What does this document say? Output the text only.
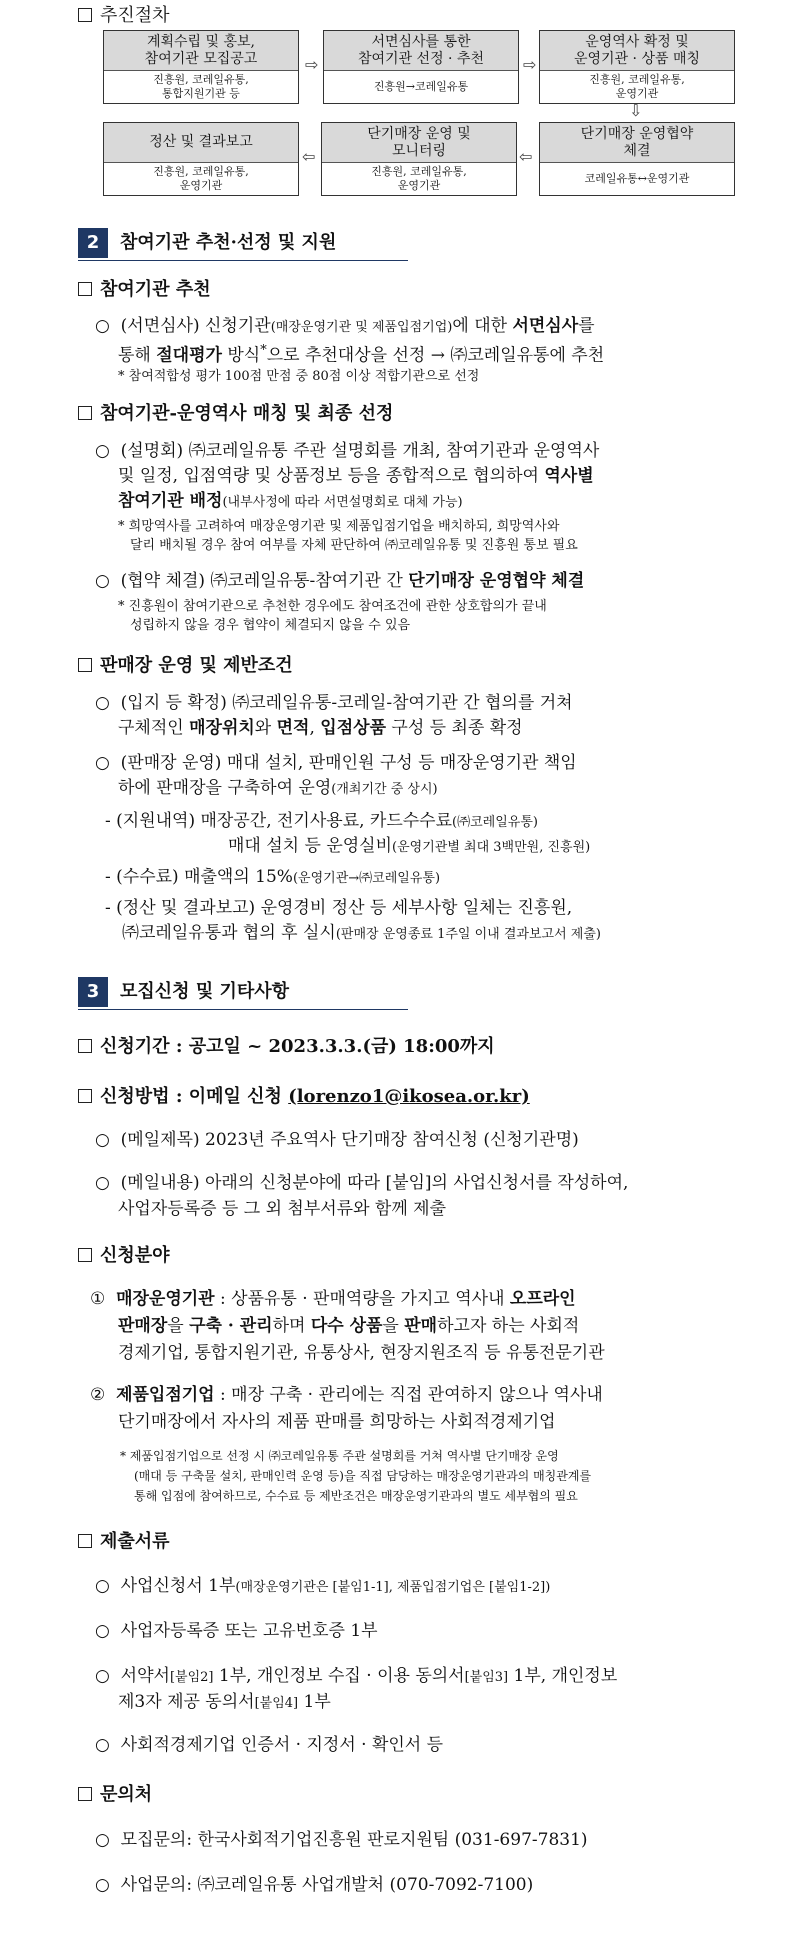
추진절차
계획수립 및 홍보,
참여기관 모집공고
진흥원, 코레일유통,
통합지원기관 등
⇨
서면심사를 통한
참여기관 선정 · 추천
진흥원→코레일유통
⇨
운영역사 확정 및
운영기관 · 상품 매칭
진흥원, 코레일유통,
운영기관
⇩
정산 및 결과보고
진흥원, 코레일유통,
운영기관
⇦
단기매장 운영 및
모니터링
진흥원, 코레일유통,
운영기관
⇦
단기매장 운영협약
체결
코레일유통↔운영기관
2	참여기관 추천·선정 및 지원
참여기관 추천
○ (서면심사) 신청기관(매장운영기관 및 제품입점기업)에 대한 서면심사를
통해 절대평가 방식*으로 추천대상을 선정 → ㈜코레일유통에 추천
* 참여적합성 평가 100점 만점 중 80점 이상 적합기관으로 선정
참여기관-운영역사 매칭 및 최종 선정
○ (설명회) ㈜코레일유통 주관 설명회를 개최, 참여기관과 운영역사
및 일정, 입점역량 및 상품정보 등을 종합적으로 협의하여 역사별
참여기관 배정(내부사정에 따라 서면설명회로 대체 가능)
* 희망역사를 고려하여 매장운영기관 및 제품입점기업을 배치하되, 희망역사와
달리 배치될 경우 참여 여부를 자체 판단하여 ㈜코레일유통 및 진흥원 통보 필요
○ (협약 체결) ㈜코레일유통-참여기관 간 단기매장 운영협약 체결
* 진흥원이 참여기관으로 추천한 경우에도 참여조건에 관한 상호합의가 끝내
성립하지 않을 경우 협약이 체결되지 않을 수 있음
판매장 운영 및 제반조건
○ (입지 등 확정) ㈜코레일유통-코레일-참여기관 간 협의를 거쳐
구체적인 매장위치와 면적, 입점상품 구성 등 최종 확정
○ (판매장 운영) 매대 설치, 판매인원 구성 등 매장운영기관 책임
하에 판매장을 구축하여 운영(개최기간 중 상시)
- (지원내역) 매장공간, 전기사용료, 카드수수료(㈜코레일유통)
매대 설치 등 운영실비(운영기관별 최대 3백만원, 진흥원)
- (수수료) 매출액의 15%(운영기관→㈜코레일유통)
- (정산 및 결과보고) 운영경비 정산 등 세부사항 일체는 진흥원,
㈜코레일유통과 협의 후 실시(판매장 운영종료 1주일 이내 결과보고서 제출)
3	모집신청 및 기타사항
신청기간 : 공고일 ~ 2023.3.3.(금) 18:00까지
신청방법 : 이메일 신청 (lorenzo1@ikosea.or.kr)
○ (메일제목) 2023년 주요역사 단기매장 참여신청 (신청기관명)
○ (메일내용) 아래의 신청분야에 따라 [붙임]의 사업신청서를 작성하여,
사업자등록증 등 그 외 첨부서류와 함께 제출
신청분야
① 매장운영기관 : 상품유통 · 판매역량을 가지고 역사내 오프라인
판매장을 구축 · 관리하며 다수 상품을 판매하고자 하는 사회적
경제기업, 통합지원기관, 유통상사, 현장지원조직 등 유통전문기관
② 제품입점기업 : 매장 구축 · 관리에는 직접 관여하지 않으나 역사내
단기매장에서 자사의 제품 판매를 희망하는 사회적경제기업
* 제품입점기업으로 선정 시 ㈜코레일유통 주관 설명회를 거쳐 역사별 단기매장 운영
(매대 등 구축물 설치, 판매인력 운영 등)을 직접 담당하는 매장운영기관과의 매칭관계를
통해 입점에 참여하므로, 수수료 등 제반조건은 매장운영기관과의 별도 세부협의 필요
제출서류
○ 사업신청서 1부(매장운영기관은 [붙임1-1], 제품입점기업은 [붙임1-2])
○ 사업자등록증 또는 고유번호증 1부
○ 서약서[붙임2] 1부, 개인정보 수집 · 이용 동의서[붙임3] 1부, 개인정보
제3자 제공 동의서[붙임4] 1부
○ 사회적경제기업 인증서 · 지정서 · 확인서 등
문의처
○ 모집문의: 한국사회적기업진흥원 판로지원팀 (031-697-7831)
○ 사업문의: ㈜코레일유통 사업개발처 (070-7092-7100)
